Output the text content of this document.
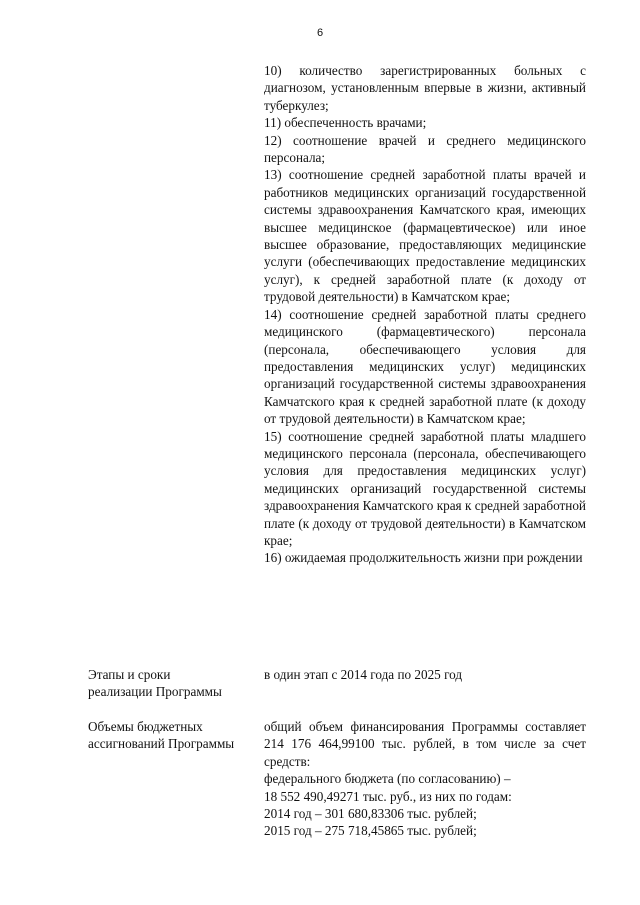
6

10) количество зарегистрированных больных с диагнозом, установленным впервые в жизни, активный туберкулез;

11) обеспеченность врачами;

12) соотношение врачей и среднего медицинского персонала;

13) соотношение средней заработной платы врачей и работников медицинских организаций государственной системы здравоохранения Камчатского края, имеющих высшее медицинское (фармацевтическое) или иное высшее образование, предоставляющих медицинские услуги (обеспечивающих предоставление медицинских услуг), к средней заработной плате (к доходу от трудовой деятельности) в Камчатском крае;

14) соотношение средней заработной платы среднего медицинского (фармацевтического) персонала (персонала, обеспечивающего условия для предоставления медицинских услуг) медицинских организаций государственной системы здравоохранения Камчатского края к средней заработной плате (к доходу от трудовой деятельности) в Камчатском крае;

15) соотношение средней заработной платы младшего медицинского персонала (персонала, обеспечивающего условия для предоставления медицинских услуг) медицинских организаций государственной системы здравоохранения Камчатского края к средней заработной плате (к доходу от трудовой деятельности) в Камчатском крае;

16) ожидаемая продолжительность жизни при рождении

Этапы и сроки

реализации Программы

в один этап с 2014 года по 2025 год

Объемы бюджетных

ассигнований Программы

общий объем финансирования Программы составляет 214 176 464,99100 тыс. рублей, в том числе за счет средств:

федерального бюджета (по согласованию) –

18 552 490,49271 тыс. руб., из них по годам:

2014 год – 301 680,83306 тыс. рублей;

2015 год – 275 718,45865 тыс. рублей;
